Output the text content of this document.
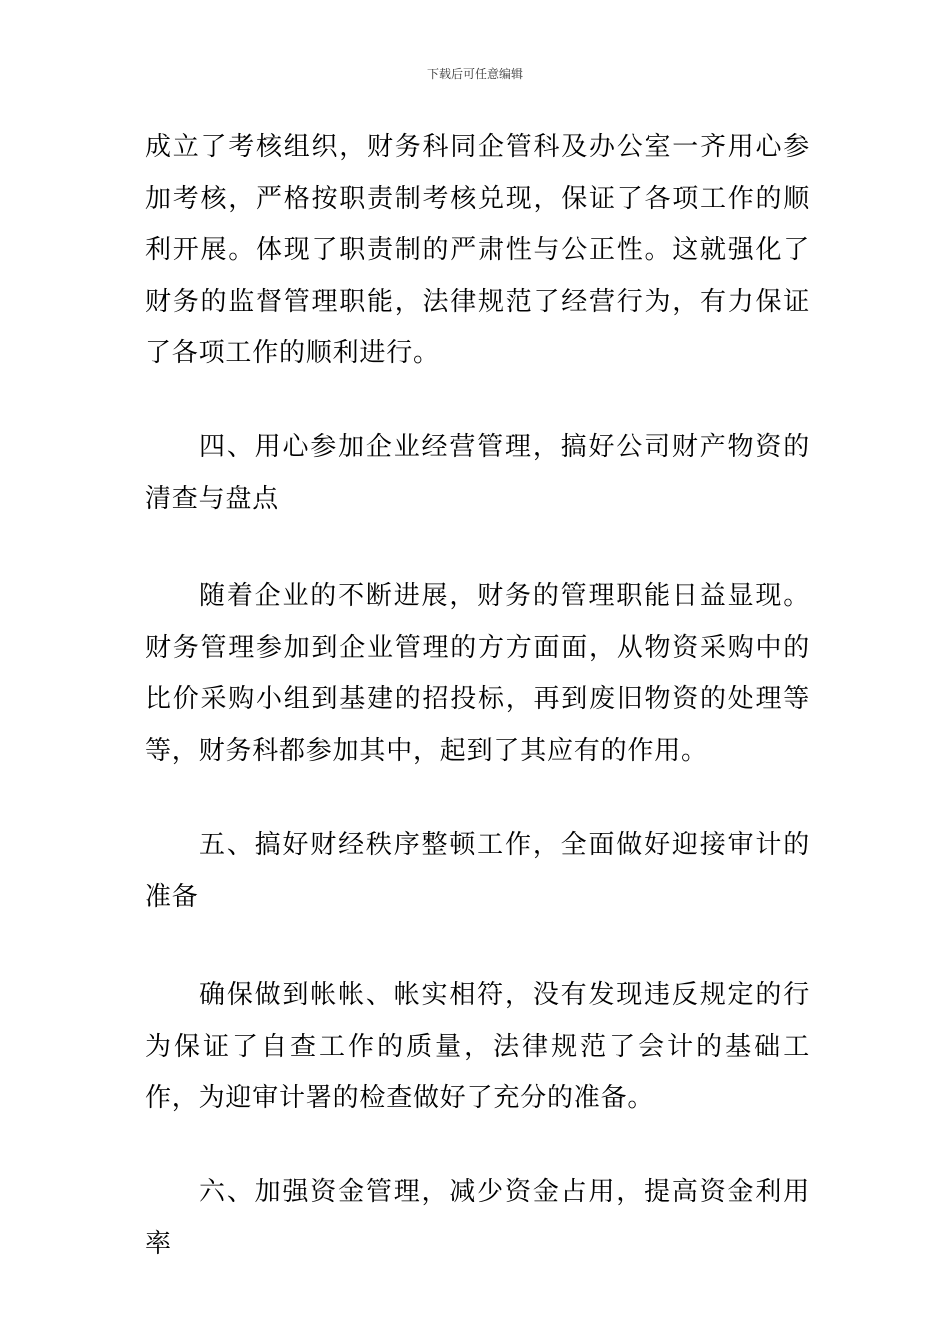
下载后可任意编辑

成立了考核组织，财务科同企管科及办公室一齐用心参加考核，严格按职责制考核兑现，保证了各项工作的顺利开展。体现了职责制的严肃性与公正性。这就强化了财务的监督管理职能，法律规范了经营行为，有力保证了各项工作的顺利进行。

四、用心参加企业经营管理，搞好公司财产物资的清查与盘点

随着企业的不断进展，财务的管理职能日益显现。财务管理参加到企业管理的方方面面，从物资采购中的比价采购小组到基建的招投标，再到废旧物资的处理等等，财务科都参加其中，起到了其应有的作用。

五、搞好财经秩序整顿工作，全面做好迎接审计的准备

确保做到帐帐、帐实相符，没有发现违反规定的行为保证了自查工作的质量，法律规范了会计的基础工作，为迎审计署的检查做好了充分的准备。

六、加强资金管理，减少资金占用，提高资金利用率
